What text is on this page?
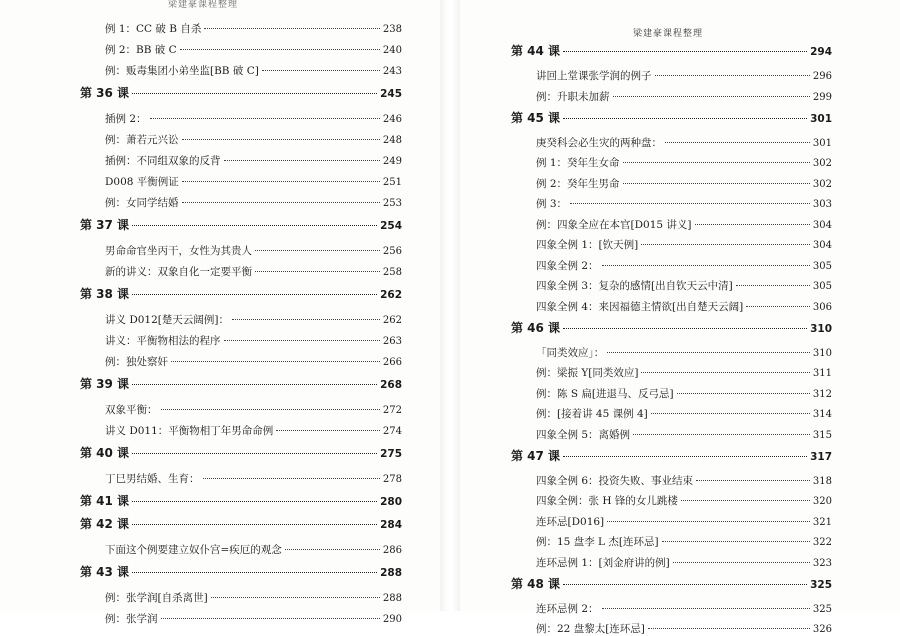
梁建豪课程整理
例 1：CC 破 B 自杀	238
例 2：BB 破 C	240
例：贩毒集团小弟坐监[BB 破 C]	243
第 36 课	245
插例 2：	246
例：萧若元兴讼	248
插例：不同组双象的反背	249
D008 平衡例证	251
例：女同学结婚	253
第 37 课	254
男命命官坐丙干，女性为其贵人	256
新的讲义：双象自化一定要平衡	258
第 38 课	262
讲义 D012[楚天云阔例]：	262
讲义：平衡物相法的程序	263
例：独处察奸	266
第 39 课	268
双象平衡：	272
讲义 D011：平衡物相丁年男命命例	274
第 40 课	275
丁巳男结婚、生育：	278
第 41 课	280
第 42 课	284
下面这个例要建立奴仆宫=疾厄的观念	286
第 43 课	288
例：张学润[自杀离世]	288
例：张学润	290
梁建豪课程整理
第 44 课	294
讲回上堂课张学润的例子	296
例：升职未加薪	299
第 45 课	301
庚癸科会必生灾的两种盘：	301
例 1：癸年生女命	302
例 2：癸年生男命	302
例 3：	303
例：四象全应在本官[D015 讲义]	304
四象全例 1：[钦天例]	304
四象全例 2：	305
四象全例 3：复杂的感情[出自钦天云中清]	305
四象全例 4：来因福德主情欲[出自楚天云阔]	306
第 46 课	310
「同类效应」：	310
例：梁振 Y[同类效应]	311
例：陈 S 扁[进退马、反弓忌]	312
例：[接着讲 45 课例 4]	314
四象全例 5：离婚例	315
第 47 课	317
四象全例 6：投资失败、事业结束	318
四象全例：张 H 锋的女儿跳楼	320
连环忌[D016]	321
例：15 盘李 L 杰[连环忌]	322
连环忌例 1：[刘金府讲的例]	323
第 48 课	325
连环忌例 2：	325
例：22 盘黎太[连环忌]	326
